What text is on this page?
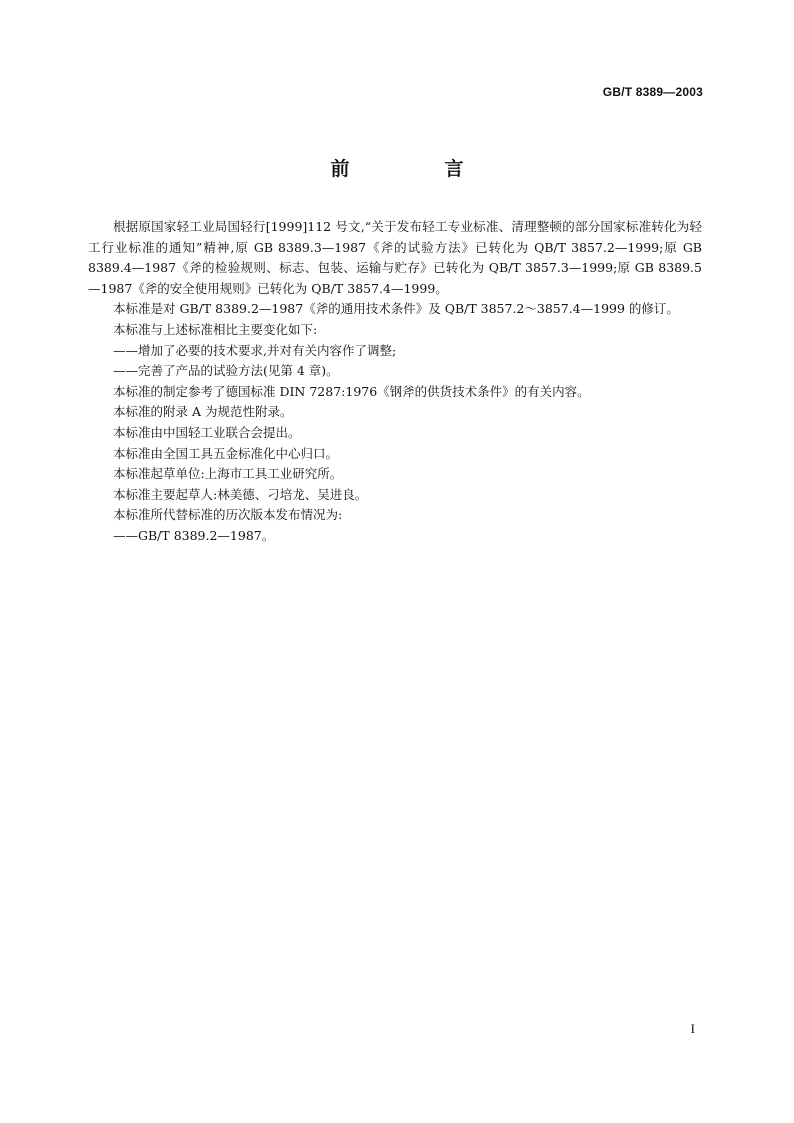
GB/T 8389—2003
前　言

根据原国家轻工业局国轻行[1999]112 号文,“关于发布轻工专业标准、清理整顿的部分国家标准转化为轻工行业标准的通知”精神,原 GB 8389.3—1987《斧的试验方法》已转化为 QB/T 3857.2—1999;原 GB 8389.4—1987《斧的检验规则、标志、包装、运输与贮存》已转化为 QB/T 3857.3—1999;原 GB 8389.5—1987《斧的安全使用规则》已转化为 QB/T 3857.4—1999。

本标准是对 GB/T 8389.2—1987《斧的通用技术条件》及 QB/T 3857.2～3857.4—1999 的修订。

本标准与上述标准相比主要变化如下:

——增加了必要的技术要求,并对有关内容作了调整;

——完善了产品的试验方法(见第 4 章)。

本标准的制定参考了德国标准 DIN 7287:1976《钢斧的供货技术条件》的有关内容。

本标准的附录 A 为规范性附录。

本标准由中国轻工业联合会提出。

本标准由全国工具五金标准化中心归口。

本标准起草单位:上海市工具工业研究所。

本标准主要起草人:林美德、刁培龙、吴进良。

本标准所代替标准的历次版本发布情况为:

——GB/T 8389.2—1987。

I
